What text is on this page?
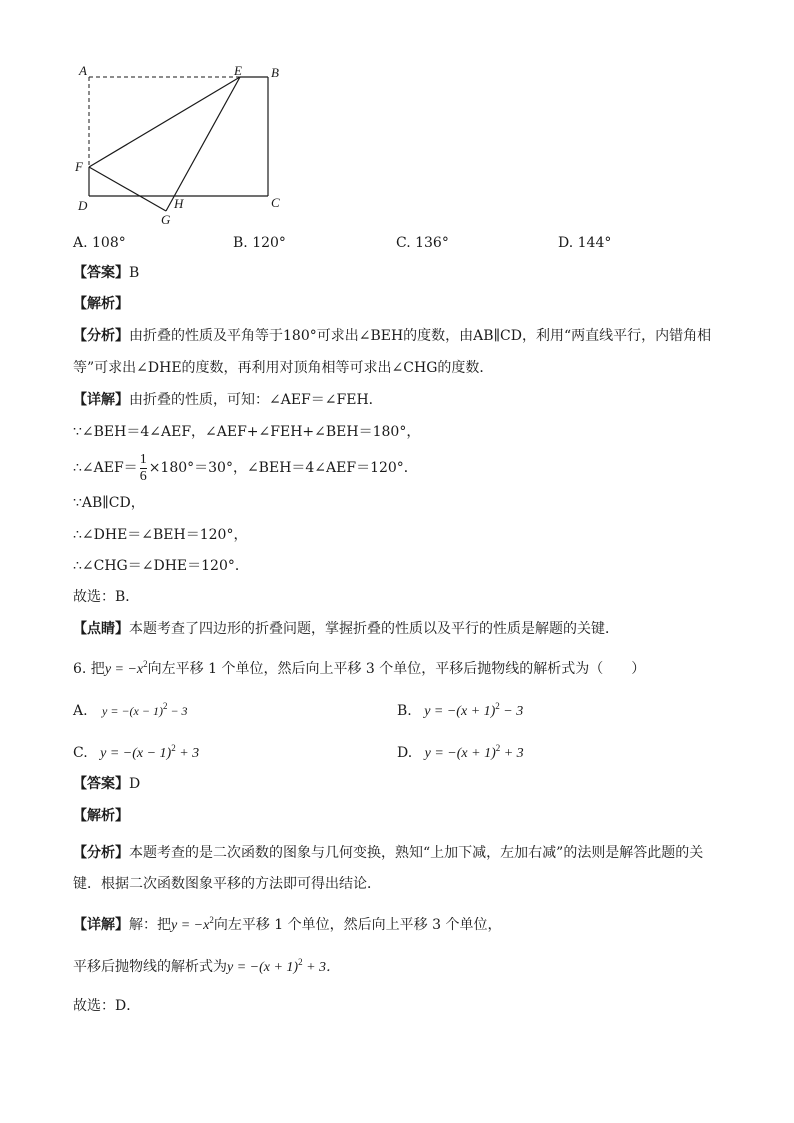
A	E B
F
D	H	C
G
A. 108°	B. 120°	C. 136°	D. 144°
【答案】B
【解析】
【分析】由折叠的性质及平角等于180°可求出∠BEH的度数，由AB∥CD，利用“两直线平行，内错角相
等”可求出∠DHE的度数，再利用对顶角相等可求出∠CHG的度数．
【详解】由折叠的性质，可知：∠AEF＝∠FEH．
∵∠BEH＝4∠AEF，∠AEF+∠FEH+∠BEH＝180°，
∴∠AEF＝ $\frac{1}{6} \times 180^\circ=30^\circ$，∠BEH＝4∠AEF＝120°．
∵AB∥CD，
∴∠DHE＝∠BEH＝120°，
∴∠CHG＝∠DHE＝120°．
故选：B．
【点睛】本题考查了四边形的折叠问题，掌握折叠的性质以及平行的性质是解题的关键．
6. 把$y = -x^2$向左平移 1 个单位，然后向上平移 3 个单位，平移后抛物线的解析式为（　　）
A. $y = -(x - 1)^2 - 3$	B. $y = -(x + 1)^2 - 3$
C. $y = -(x - 1)^2 + 3$	D. $y = -(x + 1)^2 + 3$
【答案】D
【解析】
【分析】本题考查的是二次函数的图象与几何变换，熟知“上加下减，左加右减”的法则是解答此题的关
键．根据二次函数图象平移的方法即可得出结论．
【详解】解：把$y = -x^2$向左平移 1 个单位，然后向上平移 3 个单位，
平移后抛物线的解析式为$y = -(x + 1)^2 + 3$．
故选：D．
